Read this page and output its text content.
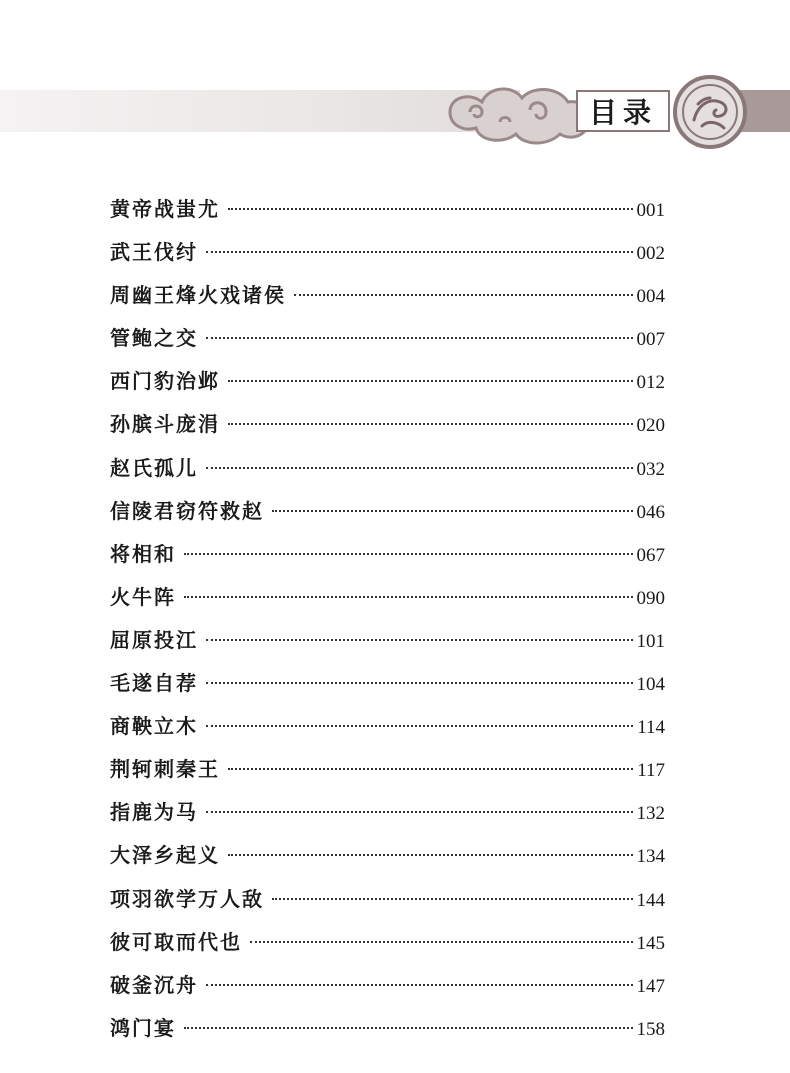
目录
黄帝战蚩尤	001
武王伐纣	002
周幽王烽火戏诸侯	004
管鲍之交	007
西门豹治邺	012
孙膑斗庞涓	020
赵氏孤儿	032
信陵君窃符救赵	046
将相和	067
火牛阵	090
屈原投江	101
毛遂自荐	104
商鞅立木	114
荆轲刺秦王	117
指鹿为马	132
大泽乡起义	134
项羽欲学万人敌	144
彼可取而代也	145
破釜沉舟	147
鸿门宴	158
